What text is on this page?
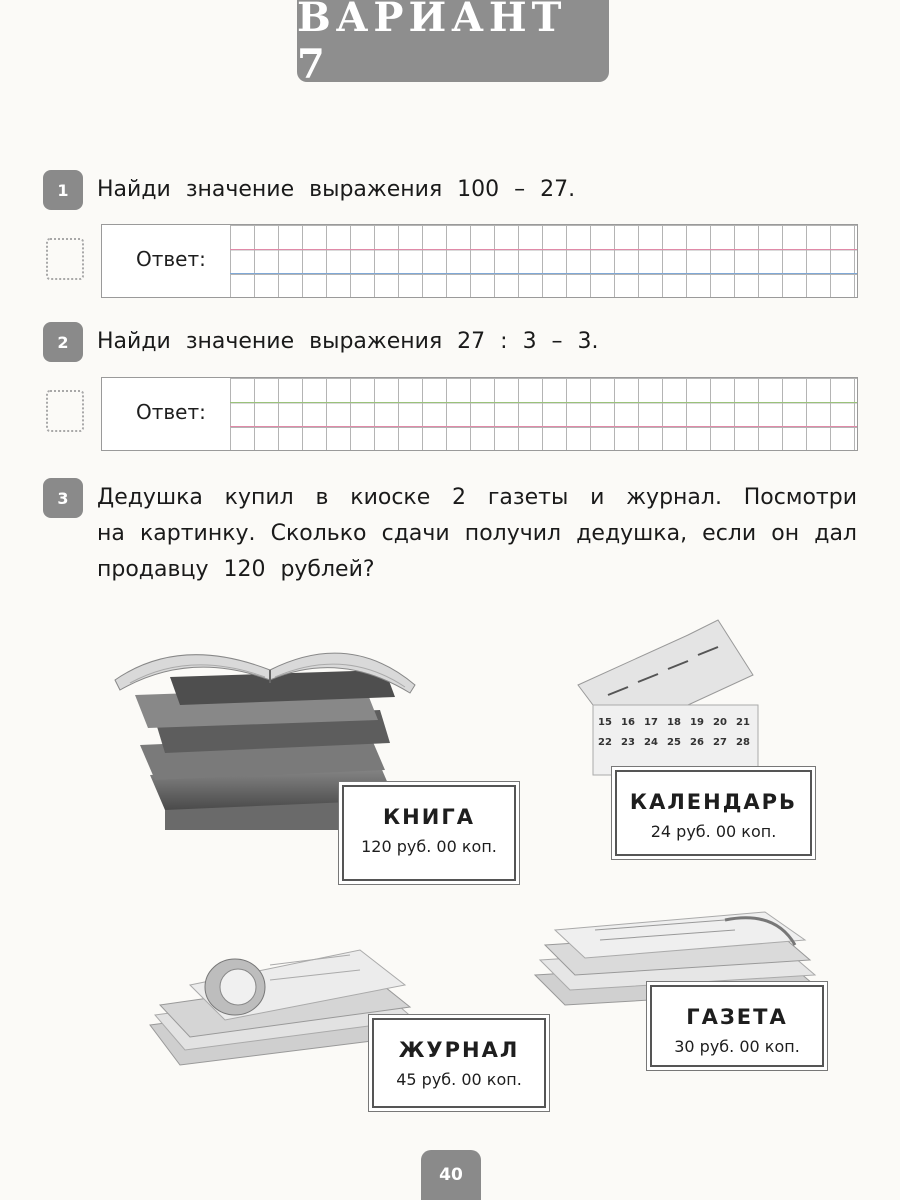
ВАРИАНТ 7
1	Найди значение выражения 100 – 27.
Ответ:
2	Найди значение выражения 27 : 3 – 3.
Ответ:
3	Дедушка купил в киоске 2 газеты и журнал. Посмотри
на картинку. Сколько сдачи получил дедушка, если он дал
продавцу 120 рублей?
КНИГА
120 руб. 00 коп.
15 16 17 18 19 20 21
22 23 24 25 26 27 28
КАЛЕНДАРЬ
24 руб. 00 коп.
ЖУРНАЛ
45 руб. 00 коп.
ГАЗЕТА
30 руб. 00 коп.
40
